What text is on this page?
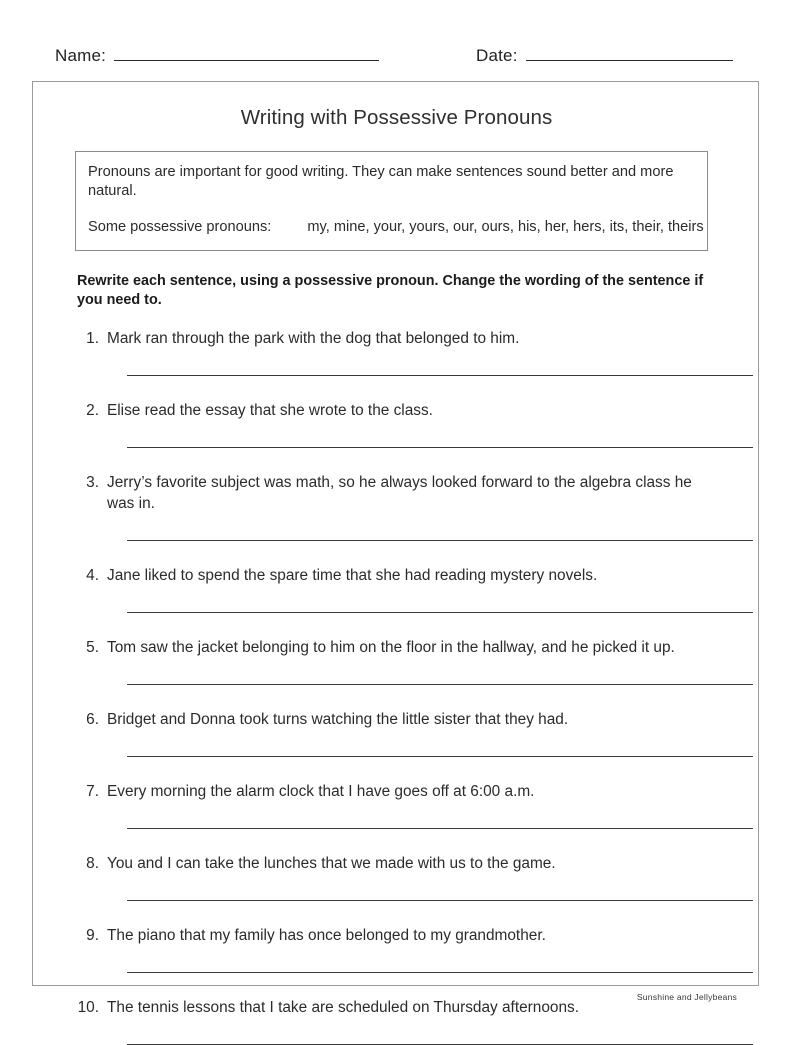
Name:	Date:
Writing with Possessive Pronouns
Pronouns are important for good writing. They can make sentences sound better and more natural.
Some possessive pronouns: my, mine, your, yours, our, ours, his, her, hers, its, their, theirs
Rewrite each sentence, using a possessive pronoun. Change the wording of the sentence if you need to.
1. Mark ran through the park with the dog that belonged to him.
2. Elise read the essay that she wrote to the class.
3. Jerry’s favorite subject was math, so he always looked forward to the algebra class he was in.
4. Jane liked to spend the spare time that she had reading mystery novels.
5. Tom saw the jacket belonging to him on the floor in the hallway, and he picked it up.
6. Bridget and Donna took turns watching the little sister that they had.
7. Every morning the alarm clock that I have goes off at 6:00 a.m.
8. You and I can take the lunches that we made with us to the game.
9. The piano that my family has once belonged to my grandmother.
10. The tennis lessons that I take are scheduled on Thursday afternoons.
Sunshine and Jellybeans
